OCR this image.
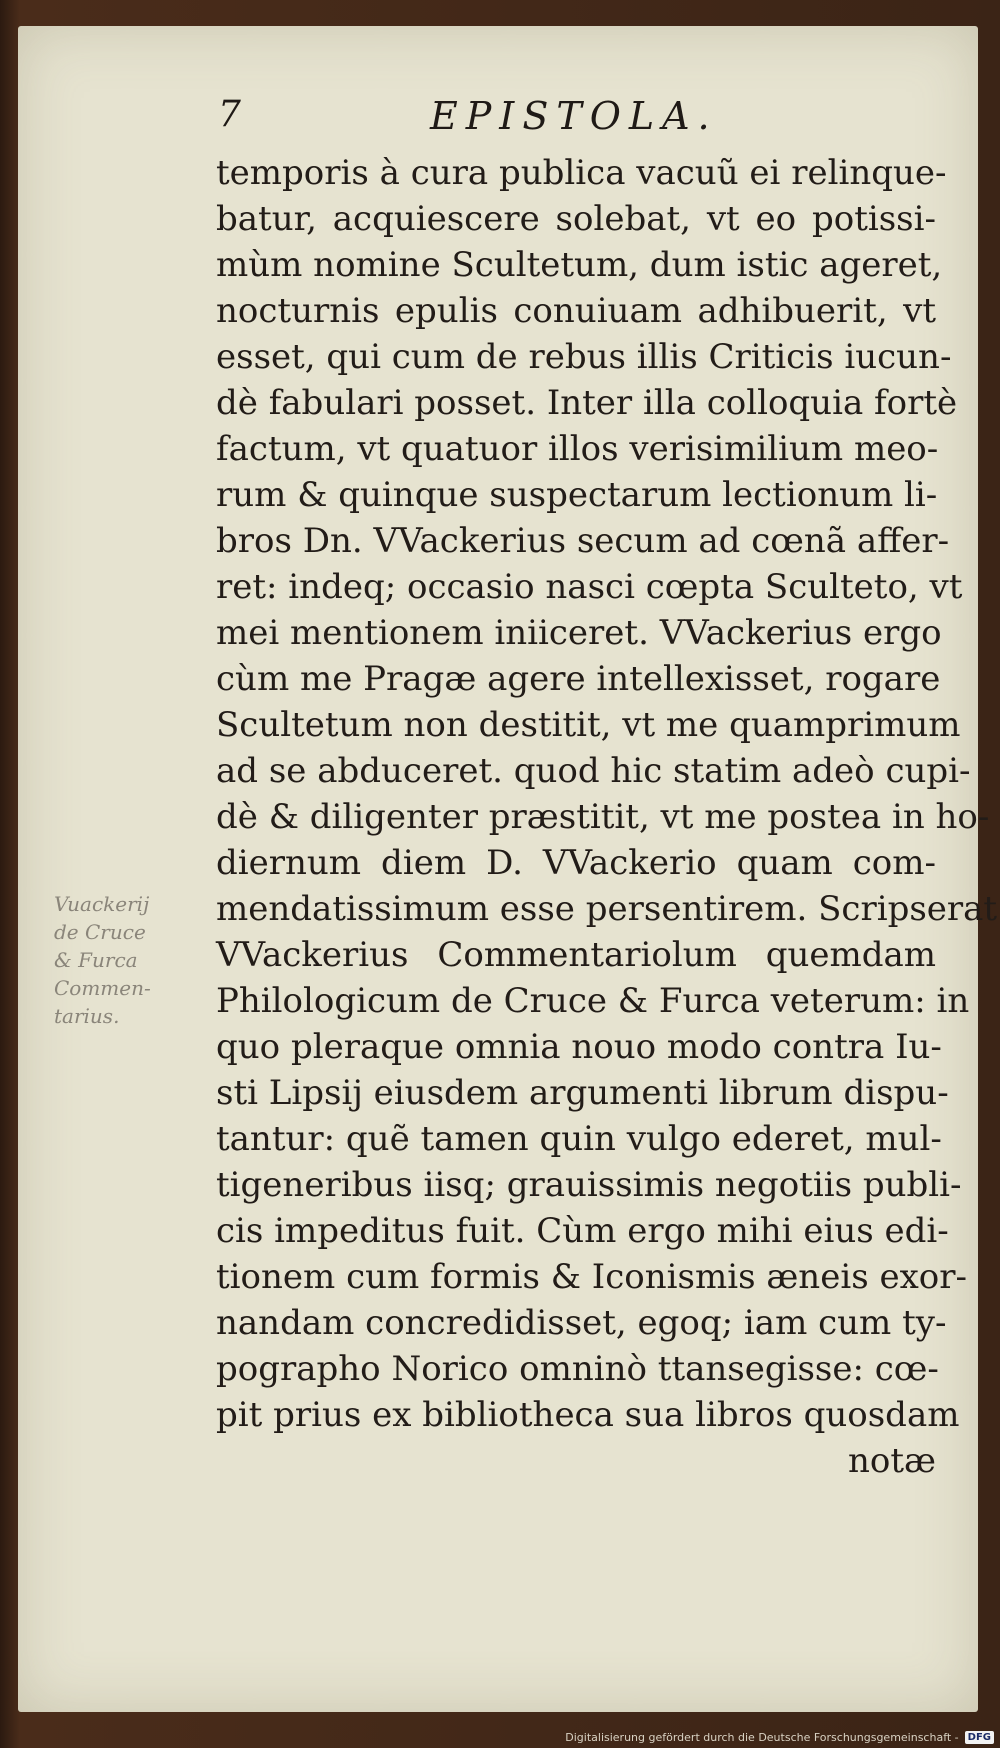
7	EPISTOLA.
Vuackerij
de Cruce
& Furca
Commen-
tarius.
temporis à cura publica vacuũ ei relinque-
batur, acquiescere solebat, vt eo potissi-
mùm nomine Scultetum, dum istic ageret,
nocturnis epulis conuiuam adhibuerit, vt
esset, qui cum de rebus illis Criticis iucun-
dè fabulari posset. Inter illa colloquia fortè
factum, vt quatuor illos verisimilium meo-
rum & quinque suspectarum lectionum li-
bros Dn. VVackerius secum ad cœnã affer-
ret: indeq; occasio nasci cœpta Sculteto, vt
mei mentionem iniiceret. VVackerius ergo
cùm me Pragæ agere intellexisset, rogare
Scultetum non destitit, vt me quamprimum
ad se abduceret. quod hic statim adeò cupi-
dè & diligenter præstitit, vt me postea in ho-
diernum diem D. VVackerio quam com-
mendatissimum esse persentirem. Scripserat
VVackerius Commentariolum quemdam
Philologicum de Cruce & Furca veterum: in
quo pleraque omnia nouo modo contra Iu-
sti Lipsij eiusdem argumenti librum dispu-
tantur: quẽ tamen quin vulgo ederet, mul-
tigeneribus iisq; grauissimis negotiis publi-
cis impeditus fuit. Cùm ergo mihi eius edi-
tionem cum formis & Iconismis æneis exor-
nandam concredidisset, egoq; iam cum ty-
pographo Norico omninò ttansegisse: cœ-
pit prius ex bibliotheca sua libros quosdam
notæ
Digitalisierung gefördert durch die Deutsche Forschungsgemeinschaft - DFG
